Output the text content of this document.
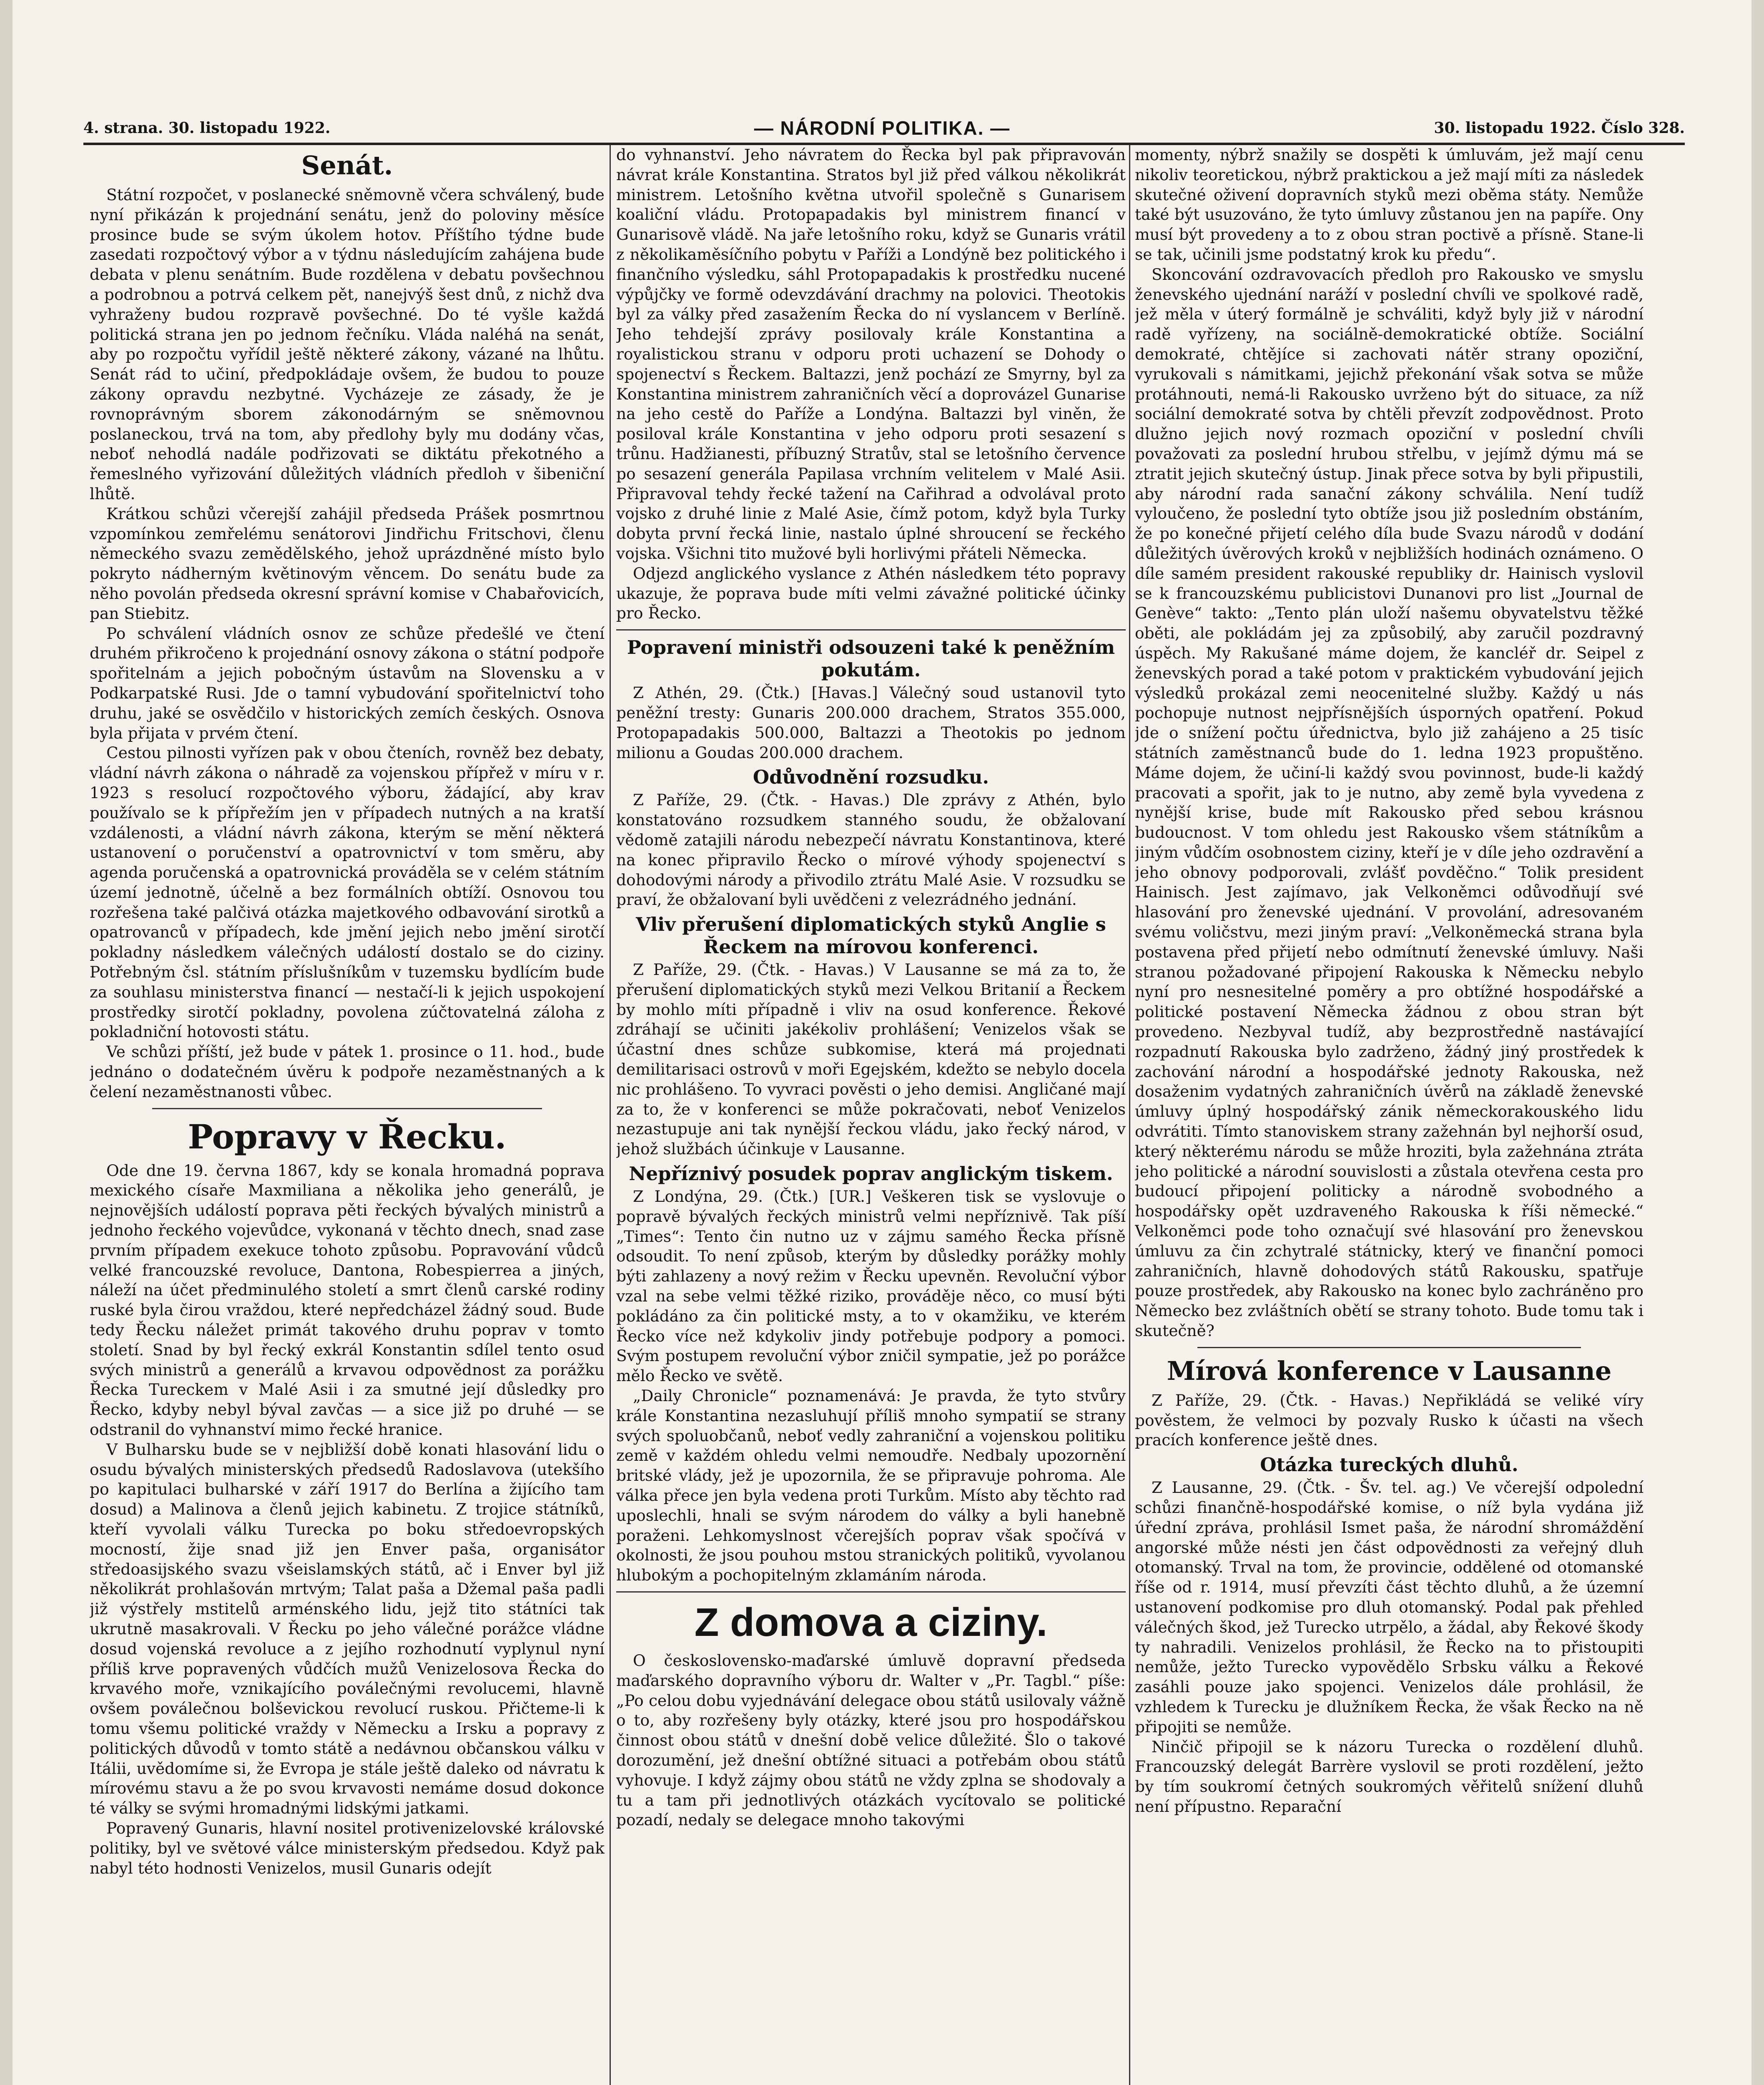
4. strana. 30. listopadu 1922.	— NÁRODNÍ POLITIKA. —	30. listopadu 1922. Číslo 328.
Senát.

Státní rozpočet, v poslanecké sněmovně včera schválený, bude nyní přikázán k projednání senátu, jenž do poloviny měsíce prosince bude se svým úkolem hotov. Příštího týdne bude zasedati rozpočtový výbor a v týdnu následujícím zahájena bude debata v plenu senátním. Bude rozdělena v debatu povšechnou a podrobnou a potrvá celkem pět, nanejvýš šest dnů, z nichž dva vyhraženy budou rozpravě povšechné. Do té vyšle každá politická strana jen po jednom řečníku. Vláda naléhá na senát, aby po rozpočtu vyřídil ještě některé zákony, vázané na lhůtu. Senát rád to učiní, předpokládaje ovšem, že budou to pouze zákony opravdu nezbytné. Vycházeje ze zásady, že je rovnoprávným sborem zákonodárným se sněmovnou poslaneckou, trvá na tom, aby předlohy byly mu dodány včas, neboť nehodlá nadále podřizovati se diktátu překotného a řemeslného vyřizování důležitých vládních předloh v šibeniční lhůtě.

Krátkou schůzi včerejší zahájil předseda Prášek posmrtnou vzpomínkou zemřelému senátorovi Jindřichu Fritschovi, členu německého svazu zemědělského, jehož uprázdněné místo bylo pokryto nádherným květinovým věncem. Do senátu bude za něho povolán předseda okresní správní komise v Chabařovicích, pan Stiebitz.

Po schválení vládních osnov ze schůze předešlé ve čtení druhém přikročeno k projednání osnovy zákona o státní podpoře spořitelnám a jejich pobočným ústavům na Slovensku a v Podkarpatské Rusi. Jde o tamní vybudování spořitelnictví toho druhu, jaké se osvědčilo v historických zemích českých. Osnova byla přijata v prvém čtení.

Cestou pilnosti vyřízen pak v obou čteních, rovněž bez debaty, vládní návrh zákona o náhradě za vojenskou přípřež v míru v r. 1923 s resolucí rozpočtového výboru, žádající, aby krav používalo se k přípřežím jen v případech nutných a na kratší vzdálenosti, a vládní návrh zákona, kterým se mění některá ustanovení o poručenství a opatrovnictví v tom směru, aby agenda poručenská a opatrovnická prováděla se v celém státním území jednotně, účelně a bez formálních obtíží. Osnovou tou rozřešena také palčivá otázka majetkového odbavování sirotků a opatrovanců v případech, kde jmění jejich nebo jmění sirotčí pokladny následkem válečných událostí dostalo se do ciziny. Potřebným čsl. státním příslušníkům v tuzemsku bydlícím bude za souhlasu ministerstva financí — nestačí-li k jejich uspokojení prostředky sirotčí pokladny, povolena zúčtovatelná záloha z pokladniční hotovosti státu.

Ve schůzi příští, jež bude v pátek 1. prosince o 11. hod., bude jednáno o dodatečném úvěru k podpoře nezaměstnaných a k čelení nezaměstnanosti vůbec.

Popravy v Řecku.

Ode dne 19. června 1867, kdy se konala hromadná poprava mexického císaře Maxmiliana a několika jeho generálů, je nejnovějších událostí poprava pěti řeckých bývalých ministrů a jednoho řeckého vojevůdce, vykonaná v těchto dnech, snad zase prvním případem exekuce tohoto způsobu. Popravování vůdců velké francouzské revoluce, Dantona, Robespierrea a jiných, náleží na účet předminulého století a smrt členů carské rodiny ruské byla čirou vraždou, které nepředcházel žádný soud. Bude tedy Řecku náležet primát takového druhu poprav v tomto století. Snad by byl řecký exkrál Konstantin sdílel tento osud svých ministrů a generálů a krvavou odpovědnost za porážku Řecka Tureckem v Malé Asii i za smutné její důsledky pro Řecko, kdyby nebyl býval zavčas — a sice již po druhé — se odstranil do vyhnanství mimo řecké hranice.

V Bulharsku bude se v nejbližší době konati hlasování lidu o osudu bývalých ministerských předsedů Radoslavova (utekšího po kapitulaci bulharské v září 1917 do Berlína a žijícího tam dosud) a Malinova a členů jejich kabinetu. Z trojice státníků, kteří vyvolali válku Turecka po boku středoevropských mocností, žije snad již jen Enver paša, organisátor středoasijského svazu všeislamských států, ač i Enver byl již několikrát prohlašován mrtvým; Talat paša a Džemal paša padli již výstřely mstitelů arménského lidu, jejž tito státníci tak ukrutně masakrovali. V Řecku po jeho válečné porážce vládne dosud vojenská revoluce a z jejího rozhodnutí vyplynul nyní příliš krve popravených vůdčích mužů Venizelosova Řecka do krvavého moře, vznikajícího poválečnými revolucemi, hlavně ovšem poválečnou bolševickou revolucí ruskou. Přičteme-li k tomu všemu politické vraždy v Německu a Irsku a popravy z politických důvodů v tomto státě a nedávnou občanskou válku v Itálii, uvědomíme si, že Evropa je stále ještě daleko od návratu k mírovému stavu a že po svou krvavosti nemáme dosud dokonce té války se svými hromadnými lidskými jatkami.

Popravený Gunaris, hlavní nositel protivenizelovské královské politiky, byl ve světové válce ministerským předsedou. Když pak nabyl této hodnosti Venizelos, musil Gunaris odejít

do vyhnanství. Jeho návratem do Řecka byl pak připravován návrat krále Konstantina. Stratos byl již před válkou několikrát ministrem. Letošního května utvořil společně s Gunarisem koaliční vládu. Protopapadakis byl ministrem financí v Gunarisově vládě. Na jaře letošního roku, když se Gunaris vrátil z několikaměsíčního pobytu v Paříži a Londýně bez politického i finančního výsledku, sáhl Protopapadakis k prostředku nucené výpůjčky ve formě odevzdávání drachmy na polovici. Theotokis byl za války před zasažením Řecka do ní vyslancem v Berlíně. Jeho tehdejší zprávy posilovaly krále Konstantina a royalistickou stranu v odporu proti uchazení se Dohody o spojenectví s Řeckem. Baltazzi, jenž pochází ze Smyrny, byl za Konstantina ministrem zahraničních věcí a doprovázel Gunarise na jeho cestě do Paříže a Londýna. Baltazzi byl viněn, že posiloval krále Konstantina v jeho odporu proti sesazení s trůnu. Hadžianesti, příbuzný Stratův, stal se letošního července po sesazení generála Papilasa vrchním velitelem v Malé Asii. Připravoval tehdy řecké tažení na Cařihrad a odvolával proto vojsko z druhé linie z Malé Asie, čímž potom, když byla Turky dobyta první řecká linie, nastalo úplné shroucení se řeckého vojska. Všichni tito mužové byli horlivými přáteli Německa.

Odjezd anglického vyslance z Athén následkem této popravy ukazuje, že poprava bude míti velmi závažné politické účinky pro Řecko.

Popravení ministři odsouzeni také k peněžním pokutám.

Z Athén, 29. (Čtk.) [Havas.] Válečný soud ustanovil tyto peněžní tresty: Gunaris 200.000 drachem, Stratos 355.000, Protopapadakis 500.000, Baltazzi a Theotokis po jednom milionu a Goudas 200.000 drachem.

Odůvodnění rozsudku.

Z Paříže, 29. (Čtk. - Havas.) Dle zprávy z Athén, bylo konstatováno rozsudkem stanného soudu, že obžalovaní vědomě zatajili národu nebezpečí návratu Konstantinova, které na konec připravilo Řecko o mírové výhody spojenectví s dohodovými národy a přivodilo ztrátu Malé Asie. V rozsudku se praví, že obžalovaní byli uvědčeni z velezrádného jednání.

Vliv přerušení diplomatických styků Anglie s Řeckem na mírovou konferenci.

Z Paříže, 29. (Čtk. - Havas.) V Lausanne se má za to, že přerušení diplomatických styků mezi Velkou Britanií a Řeckem by mohlo míti případně i vliv na osud konference. Řekové zdráhají se učiniti jakékoliv prohlášení; Venizelos však se účastní dnes schůze subkomise, která má projednati demilitarisaci ostrovů v moři Egejském, kdežto se nebylo docela nic prohlášeno. To vyvraci pověsti o jeho demisi. Angličané mají za to, že v konferenci se může pokračovati, neboť Venizelos nezastupuje ani tak nynější řeckou vládu, jako řecký národ, v jehož službách účinkuje v Lausanne.

Nepříznivý posudek poprav anglickým tiskem.

Z Londýna, 29. (Čtk.) [UR.] Veškeren tisk se vyslovuje o popravě bývalých řeckých ministrů velmi nepříznivě. Tak píší „Times“: Tento čin nutno uz v zájmu samého Řecka přísně odsoudit. To není způsob, kterým by důsledky porážky mohly býti zahlazeny a nový režim v Řecku upevněn. Revoluční výbor vzal na sebe velmi těžké riziko, prováděje něco, co musí býti pokládáno za čin politické msty, a to v okamžiku, ve kterém Řecko více než kdykoliv jindy potřebuje podpory a pomoci. Svým postupem revoluční výbor zničil sympatie, jež po porážce mělo Řecko ve světě.

„Daily Chronicle“ poznamenává: Je pravda, že tyto stvůry krále Konstantina nezasluhují příliš mnoho sympatií se strany svých spoluobčanů, neboť vedly zahraniční a vojenskou politiku země v každém ohledu velmi nemoudře. Nedbaly upozornění britské vlády, jež je upozornila, že se připravuje pohroma. Ale válka přece jen byla vedena proti Turkům. Místo aby těchto rad uposlechli, hnali se svým národem do války a byli hanebně poraženi. Lehkomyslnost včerejších poprav však spočívá v okolnosti, že jsou pouhou mstou stranických politiků, vyvolanou hlubokým a pochopitelným zklamáním národa.

Z domova a ciziny.

O československo-maďarské úmluvě dopravní předseda maďarského dopravního výboru dr. Walter v „Pr. Tagbl.“ píše: „Po celou dobu vyjednávání delegace obou států usilovaly vážně o to, aby rozřešeny byly otázky, které jsou pro hospodářskou činnost obou států v dnešní době velice důležité. Šlo o takové dorozumění, jež dnešní obtížné situaci a potřebám obou států vyhovuje. I když zájmy obou států ne vždy zplna se shodovaly a tu a tam při jednotlivých otázkách vycítovalo se politické pozadí, nedaly se delegace mnoho takovými

momenty, nýbrž snažily se dospěti k úmluvám, jež mají cenu nikoliv teoretickou, nýbrž praktickou a jež mají míti za následek skutečné oživení dopravních styků mezi oběma státy. Nemůže také být usuzováno, že tyto úmluvy zůstanou jen na papíře. Ony musí být provedeny a to z obou stran poctivě a přísně. Stane-li se tak, učinili jsme podstatný krok ku předu“.

Skoncování ozdravovacích předloh pro Rakousko ve smyslu ženevského ujednání naráží v poslední chvíli ve spolkové radě, jež měla v úterý formálně je schváliti, když byly již v národní radě vyřízeny, na sociálně-demokratické obtíže. Sociální demokraté, chtějíce si zachovati nátěr strany opoziční, vyrukovali s námitkami, jejichž překonání však sotva se může protáhnouti, nemá-li Rakousko uvrženo být do situace, za níž sociální demokraté sotva by chtěli převzít zodpovědnost. Proto dlužno jejich nový rozmach opoziční v poslední chvíli považovati za poslední hrubou střelbu, v jejímž dýmu má se ztratit jejich skutečný ústup. Jinak přece sotva by byli připustili, aby národní rada sanační zákony schválila. Není tudíž vyloučeno, že poslední tyto obtíže jsou již posledním obstáním, že po konečné přijetí celého díla bude Svazu národů v dodání důležitých úvěrových kroků v nejbližších hodinách oznámeno. O díle samém president rakouské republiky dr. Hainisch vyslovil se k francouzskému publicistovi Dunanovi pro list „Journal de Genève“ takto: „Tento plán uloží našemu obyvatelstvu těžké oběti, ale pokládám jej za způsobilý, aby zaručil pozdravný úspěch. My Rakušané máme dojem, že kancléř dr. Seipel z ženevských porad a také potom v praktickém vybudování jejich výsledků prokázal zemi neocenitelné služby. Každý u nás pochopuje nutnost nejpřísnějších úsporných opatření. Pokud jde o snížení počtu úřednictva, bylo již zahájeno a 25 tisíc státních zaměstnanců bude do 1. ledna 1923 propuštěno. Máme dojem, že učiní-li každý svou povinnost, bude-li každý pracovati a spořit, jak to je nutno, aby země byla vyvedena z nynější krise, bude mít Rakousko před sebou krásnou budoucnost. V tom ohledu jest Rakousko všem státníkům a jiným vůdčím osobnostem ciziny, kteří je v díle jeho ozdravění a jeho obnovy podporovali, zvlášť povděčno.“ Tolik president Hainisch. Jest zajímavo, jak Velkoněmci odůvodňují své hlasování pro ženevské ujednání. V provolání, adresovaném svému voličstvu, mezi jiným praví: „Velkoněmecká strana byla postavena před přijetí nebo odmítnutí ženevské úmluvy. Naši stranou požadované připojení Rakouska k Německu nebylo nyní pro nesnesitelné poměry a pro obtížné hospodářské a politické postavení Německa žádnou z obou stran být provedeno. Nezbyval tudíž, aby bezprostředně nastávající rozpadnutí Rakouska bylo zadrženo, žádný jiný prostředek k zachování národní a hospodářské jednoty Rakouska, než dosaženim vydatných zahraničních úvěrů na základě ženevské úmluvy úplný hospodářský zánik německorakouského lidu odvrátiti. Tímto stanoviskem strany zažehnán byl nejhorší osud, který některému národu se může hroziti, byla zažehnána ztráta jeho politické a národní souvislosti a zůstala otevřena cesta pro budoucí připojení politicky a národně svobodného a hospodářsky opět uzdraveného Rakouska k říši německé.“ Velkoněmci pode toho označují své hlasování pro ženevskou úmluvu za čin zchytralé státnicky, který ve finanční pomoci zahraničních, hlavně dohodových států Rakousku, spatřuje pouze prostředek, aby Rakousko na konec bylo zachráněno pro Německo bez zvláštních obětí se strany tohoto. Bude tomu tak i skutečně?

Mírová konference v Lausanne

Z Paříže, 29. (Čtk. - Havas.) Nepřikládá se veliké víry pověstem, že velmoci by pozvaly Rusko k účasti na všech pracích konference ještě dnes.

Otázka tureckých dluhů.

Z Lausanne, 29. (Čtk. - Šv. tel. ag.) Ve včerejší odpolední schůzi finančně-hospodářské komise, o níž byla vydána již úřední zpráva, prohlásil Ismet paša, že národní shromáždění angorské může nésti jen část odpovědnosti za veřejný dluh otomanský. Trval na tom, že provincie, oddělené od otomanské říše od r. 1914, musí převzíti část těchto dluhů, a že územní ustanovení podkomise pro dluh otomanský. Podal pak přehled válečných škod, jež Turecko utrpělo, a žádal, aby Řekové škody ty nahradili. Venizelos prohlásil, že Řecko na to přistoupiti nemůže, ježto Turecko vypovědělo Srbsku válku a Řekové zasáhli pouze jako spojenci. Venizelos dále prohlásil, že vzhledem k Turecku je dlužníkem Řecka, že však Řecko na ně připojiti se nemůže.

Ninčič připojil se k názoru Turecka o rozdělení dluhů. Francouzský delegát Barrère vyslovil se proti rozdělení, ježto by tím soukromí četných soukromých věřitelů snížení dluhů není přípustno. Reparační
